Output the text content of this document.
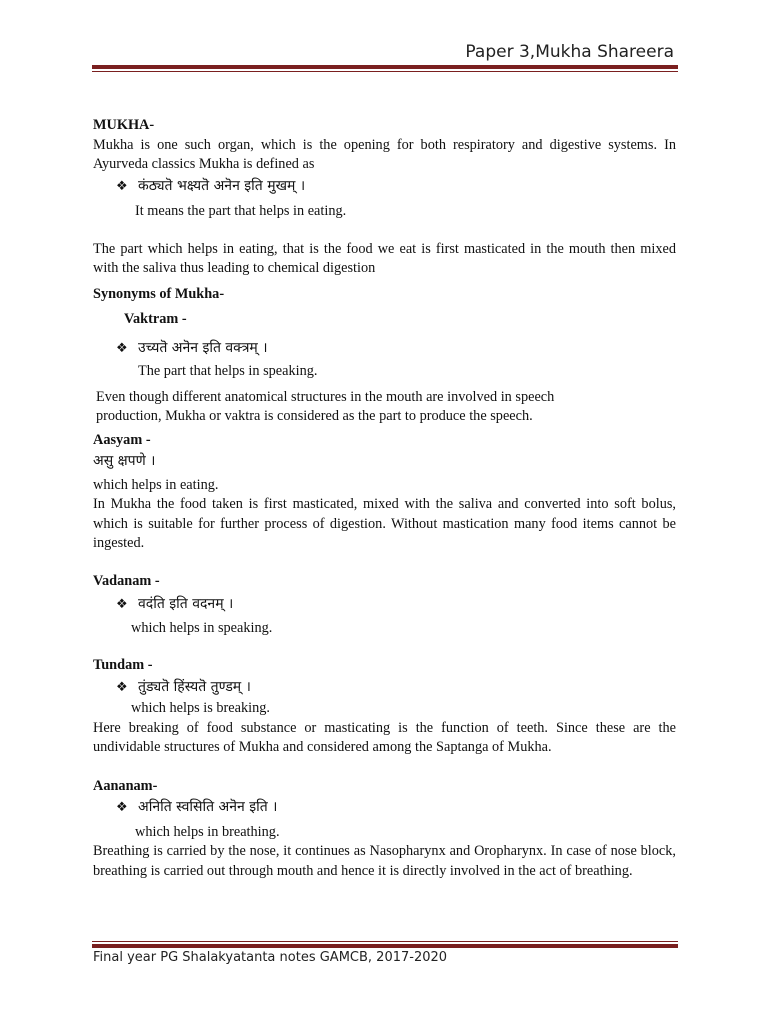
Paper 3,Mukha Shareera

MUKHA-

Mukha is one such organ, which is the opening for both respiratory and digestive systems. In Ayurveda classics Mukha is defined as

❖ कंठ्यतॆ भक्ष्यतॆ अनॆन इति मुखम् ।

It means the part that helps in eating.

The part which helps in eating, that is the food we eat is first masticated in the mouth then mixed with the saliva thus leading to chemical digestion

Synonyms of Mukha-

Vaktram -

❖ उच्यतॆ अनॆन इति वक्त्रम् ।

The part that helps in speaking.

Even though different anatomical structures in the mouth are involved in speech production, Mukha or vaktra is considered as the part to produce the speech.

Aasyam -

असु क्षपणे ।

which helps in eating.

In Mukha the food taken is first masticated, mixed with the saliva and converted into soft bolus, which is suitable for further process of digestion. Without mastication many food items cannot be ingested.

Vadanam -

❖ वदंति इति वदनम् ।

which helps in speaking.

Tundam -

❖ तुंड्यतॆ हिंस्यतॆ तुण्डम् ।

which helps is breaking.

Here breaking of food substance or masticating is the function of teeth. Since these are the undividable structures of Mukha and considered among the Saptanga of Mukha.

Aananam-

❖ अनिति स्वसिति अनॆन इति ।

which helps in breathing.

Breathing is carried by the nose, it continues as Nasopharynx and Oropharynx. In case of nose block, breathing is carried out through mouth and hence it is directly involved in the act of breathing.

Final year PG Shalakyatanta notes GAMCB, 2017-2020
